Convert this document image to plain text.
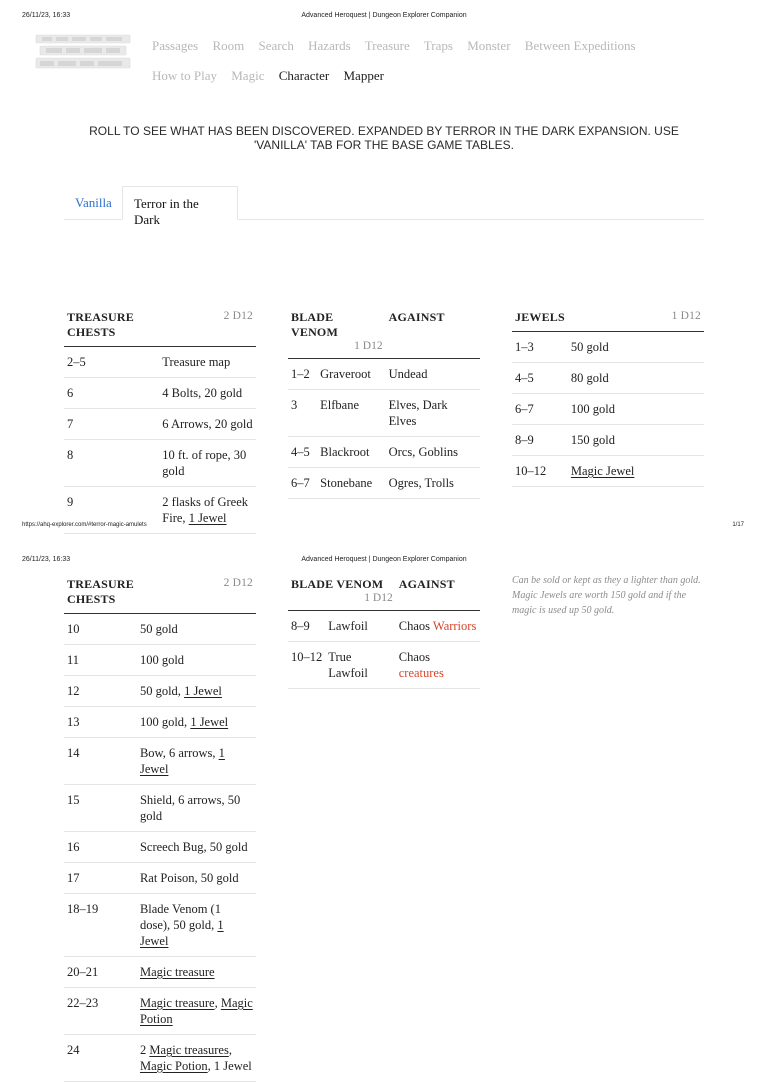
26/11/23, 16:33	Advanced Heroquest | Dungeon Explorer Companion
Passages Room Search Hazards Treasure Traps Monster Between Expeditions
How to Play Magic Character Mapper
ROLL TO SEE WHAT HAS BEEN DISCOVERED. EXPANDED BY TERROR IN THE DARK EXPANSION. USE 'VANILLA' TAB FOR THE BASE GAME TABLES.
Vanilla	Terror in the Dark
TREASURE CHESTS	2 D12
2–5	Treasure map
6	4 Bolts, 20 gold
7	6 Arrows, 20 gold
8	10 ft. of rope, 30 gold
9	2 flasks of Greek Fire, 1 Jewel
BLADE VENOM
1 D12		AGAINST
1–2	Graveroot	Undead
3	Elfbane	Elves, Dark Elves
4–5	Blackroot	Orcs, Goblins
6–7	Stonebane	Ogres, Trolls
JEWELS	1 D12
1–3	50 gold
4–5	80 gold
6–7	100 gold
8–9	150 gold
10–12	Magic Jewel
https://ahq-explorer.com/#terror-magic-amulets	1/17
26/11/23, 16:33	Advanced Heroquest | Dungeon Explorer Companion
TREASURE CHESTS	2 D12
10	50 gold
11	100 gold
12	50 gold, 1 Jewel
13	100 gold, 1 Jewel
14	Bow, 6 arrows, 1 Jewel
15	Shield, 6 arrows, 50 gold
16	Screech Bug, 50 gold
17	Rat Poison, 50 gold
18–19	Blade Venom (1 dose), 50 gold, 1 Jewel
20–21	Magic treasure
22–23	Magic treasure, Magic Potion
24	2 Magic treasures, Magic Potion, 1 Jewel
BLADE VENOM
1 D12		AGAINST
8–9	Lawfoil	Chaos Warriors
10–12	True Lawfoil	Chaos creatures
Can be sold or kept as they a lighter than gold. Magic Jewels are worth 150 gold and if the magic is used up 50 gold.
